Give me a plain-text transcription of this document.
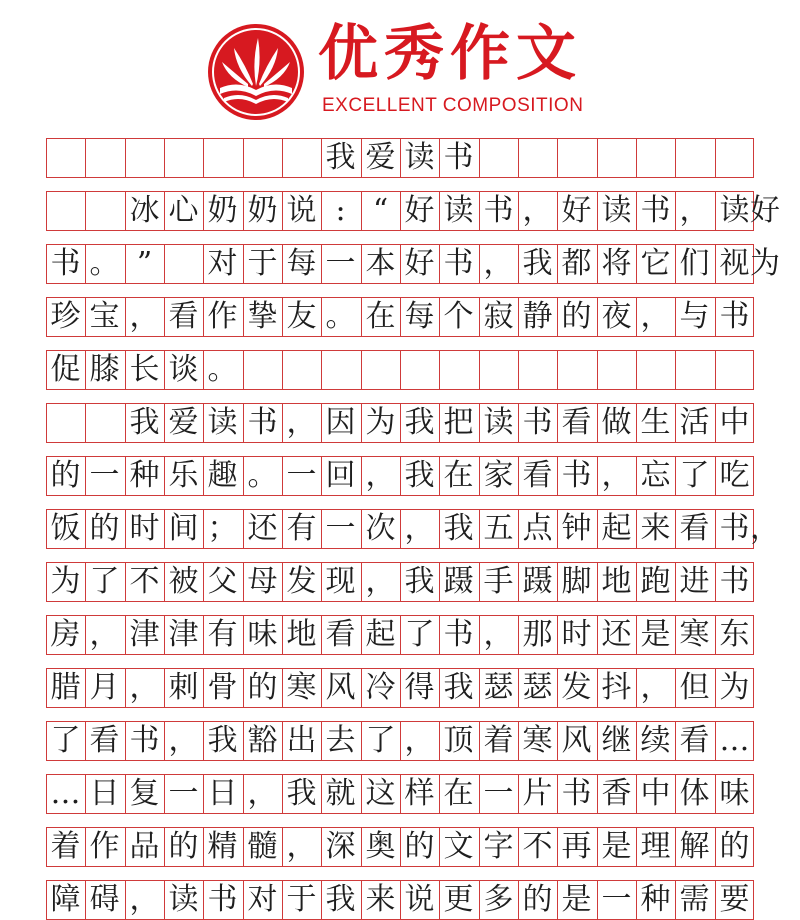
优秀作文
EXCELLENT COMPOSITION
我 爱 读 书
冰 心 奶 奶 说 : “ 好 读 书 ， 好 读 书 ， 读 好
书 。 ”	对 于 每 一 本 好 书 ， 我 都 将 它 们 视 为
珍 宝 ， 看 作 挚 友 。 在 每 个 寂 静 的 夜 ， 与 书
促 膝 长 谈 。
我 爱 读 书 ， 因 为 我 把 读 书 看 做 生 活 中
的 一 种 乐 趣 。 一 回 ， 我 在 家 看 书 ， 忘 了 吃
饭 的 时 间 ； 还 有 一 次 ， 我 五 点 钟 起 来 看 书 ，
为 了 不 被 父 母 发 现 ， 我 蹑 手 蹑 脚 地 跑 进 书
房 ， 津 津 有 味 地 看 起 了 书 ， 那 时 还 是 寒 东
腊 月 ， 刺 骨 的 寒 风 冷 得 我 瑟 瑟 发 抖 ， 但 为
了 看 书 ， 我 豁 出 去 了 ， 顶 着 寒 风 继 续 看 …
… 日 复 一 日 ， 我 就 这 样 在 一 片 书 香 中 体 味
着 作 品 的 精 髓 ， 深 奥 的 文 字 不 再 是 理 解 的
障 碍 ， 读 书 对 于 我 来 说 更 多 的 是 一 种 需 要
